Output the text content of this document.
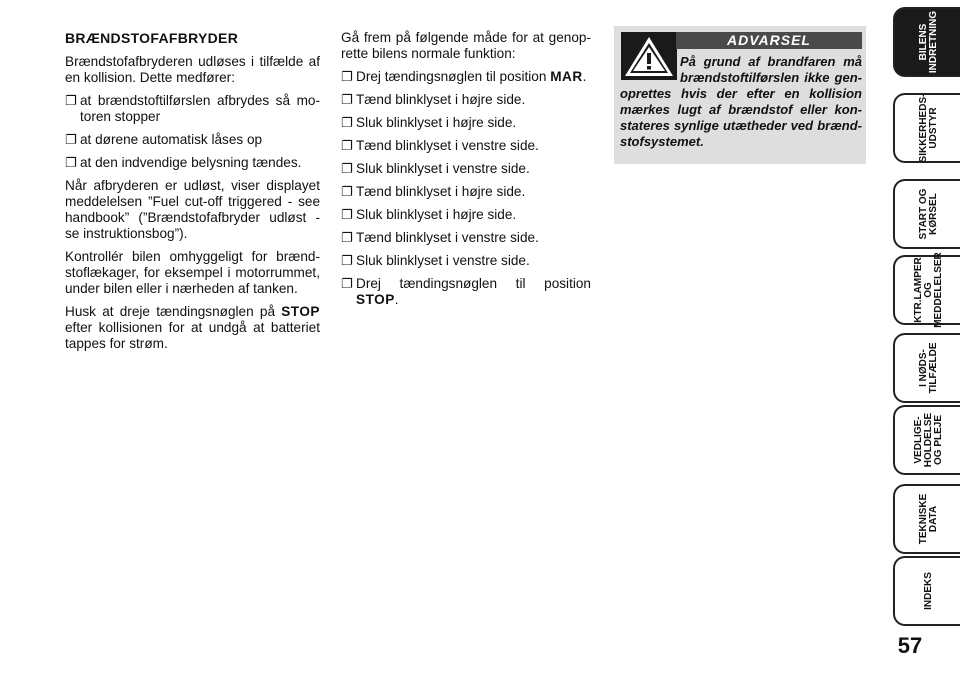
BRÆNDSTOFAFBRYDER

Brændstofafbryderen udløses i tilfælde af en kollision. Dette medfører:

❐ at brændstoftilførslen afbrydes så mo-toren stopper
❐ at dørene automatisk låses op
❐ at den indvendige belysning tændes.

Når afbryderen er udløst, viser displayet meddelelsen ”Fuel cut-off triggered - see handbook” (”Brændstofafbryder udløst - se instruktionsbog”).

Kontrollér bilen omhyggeligt for brænd-stoflækager, for eksempel i motorrummet, under bilen eller i nærheden af tanken.

Husk at dreje tændingsnøglen på STOP efter kollisionen for at undgå at batteriet tappes for strøm.

Gå frem på følgende måde for at genop-rette bilens normale funktion:

❐ Drej tændingsnøglen til position MAR.
❐ Tænd blinklyset i højre side.
❐ Sluk blinklyset i højre side.
❐ Tænd blinklyset i venstre side.
❐ Sluk blinklyset i venstre side.
❐ Tænd blinklyset i højre side.
❐ Sluk blinklyset i højre side.
❐ Tænd blinklyset i venstre side.
❐ Sluk blinklyset i venstre side.
❐ Drej tændingsnøglen til position STOP.
ADVARSEL
På grund af brandfaren må brændstoftilførslen ikke gen-oprettes hvis der efter en kollision mærkes lugt af brændstof eller kon-stateres synlige utætheder ved brænd-stofsystemet.
BILENS
INDRETNING
SIKKERHEDS-
UDSTYR
START OG
KØRSEL
KTR.LAMPER
OG
MEDDELELSER
I NØDS-
TILFÆLDE
VEDLIGE-
HOLDELSE
OG PLEJE
TEKNISKE
DATA
INDEKS
57
